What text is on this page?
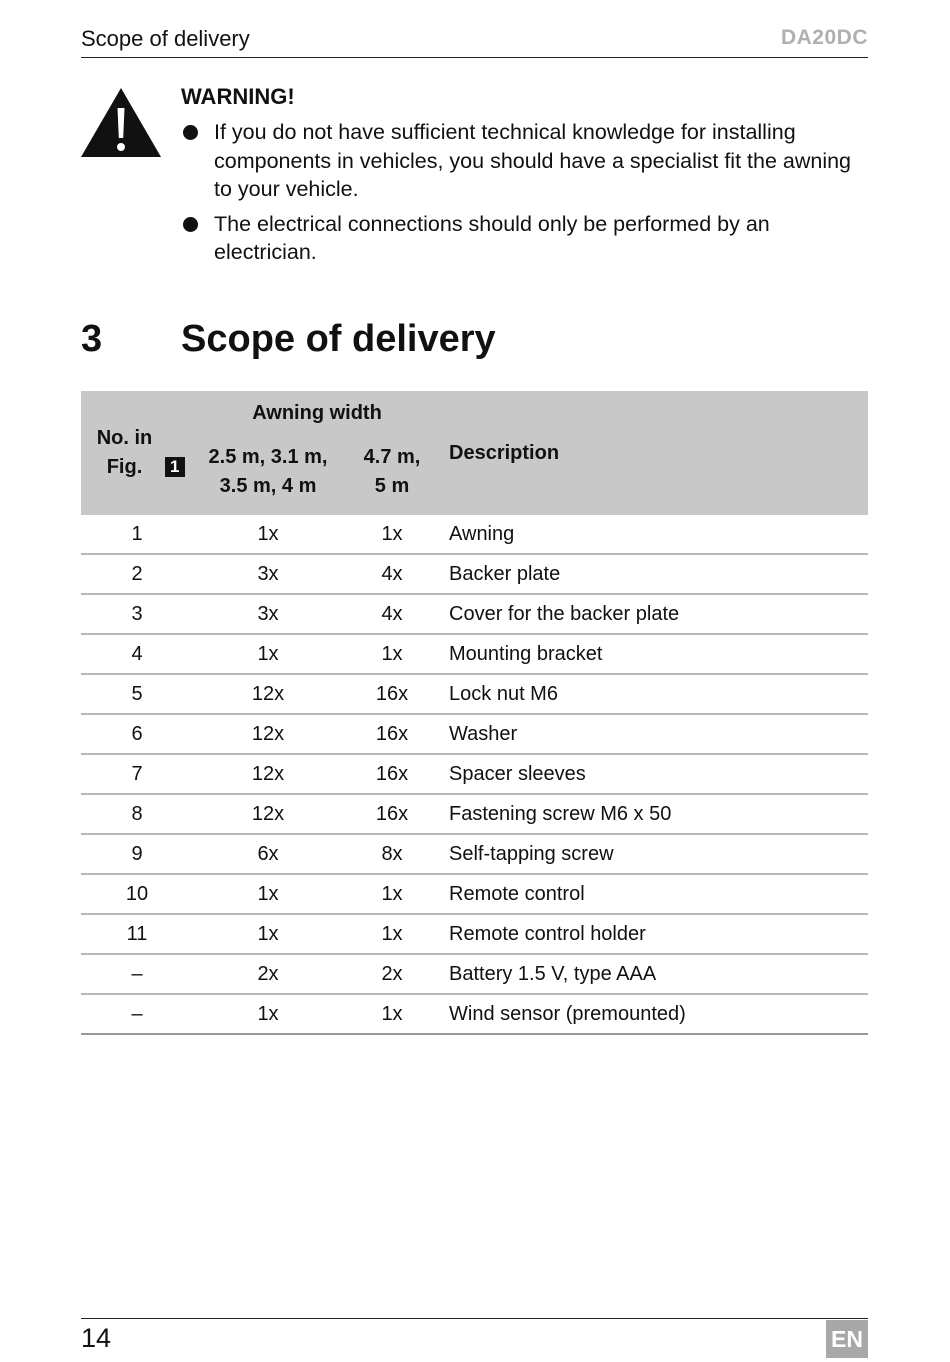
Scope of delivery	DA20DC
WARNING!
If you do not have sufficient technical knowledge for installing components in vehicles, you should have a specialist fit the awning to your vehicle.
The electrical connections should only be performed by an electrician.
3 Scope of delivery
No. in Fig. 1	Awning width		Description
	2.5 m, 3.1 m, 3.5 m, 4 m	4.7 m, 5 m	
1	1x	1x	Awning
2	3x	4x	Backer plate
3	3x	4x	Cover for the backer plate
4	1x	1x	Mounting bracket
5	12x	16x	Lock nut M6
6	12x	16x	Washer
7	12x	16x	Spacer sleeves
8	12x	16x	Fastening screw M6 x 50
9	6x	8x	Self-tapping screw
10	1x	1x	Remote control
11	1x	1x	Remote control holder
–	2x	2x	Battery 1.5 V, type AAA
–	1x	1x	Wind sensor (premounted)
14	EN
